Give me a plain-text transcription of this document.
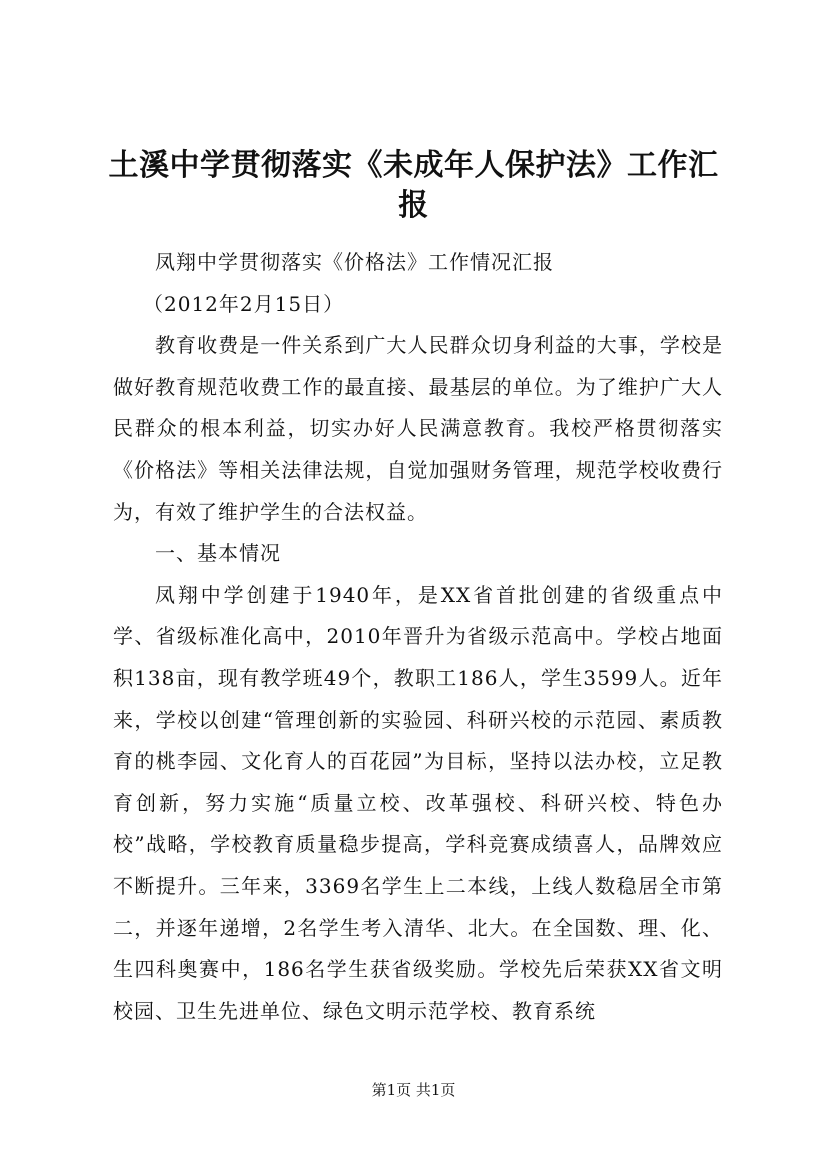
土溪中学贯彻落实《未成年人保护法》工作汇报

凤翔中学贯彻落实《价格法》工作情况汇报

（2012年2月15日）

教育收费是一件关系到广大人民群众切身利益的大事，学校是做好教育规范收费工作的最直接、最基层的单位。为了维护广大人民群众的根本利益，切实办好人民满意教育。我校严格贯彻落实《价格法》等相关法律法规，自觉加强财务管理，规范学校收费行为，有效了维护学生的合法权益。

一、基本情况

凤翔中学创建于1940年，是XX省首批创建的省级重点中学、省级标准化高中，2010年晋升为省级示范高中。学校占地面积138亩，现有教学班49个，教职工186人，学生3599人。近年来，学校以创建“管理创新的实验园、科研兴校的示范园、素质教育的桃李园、文化育人的百花园”为目标，坚持以法办校，立足教育创新，努力实施“质量立校、改革强校、科研兴校、特色办校”战略，学校教育质量稳步提高，学科竞赛成绩喜人，品牌效应不断提升。三年来，3369名学生上二本线，上线人数稳居全市第二，并逐年递增，2名学生考入清华、北大。在全国数、理、化、生四科奥赛中，186名学生获省级奖励。学校先后荣获XX省文明校园、卫生先进单位、绿色文明示范学校、教育系统

第1页 共1页
